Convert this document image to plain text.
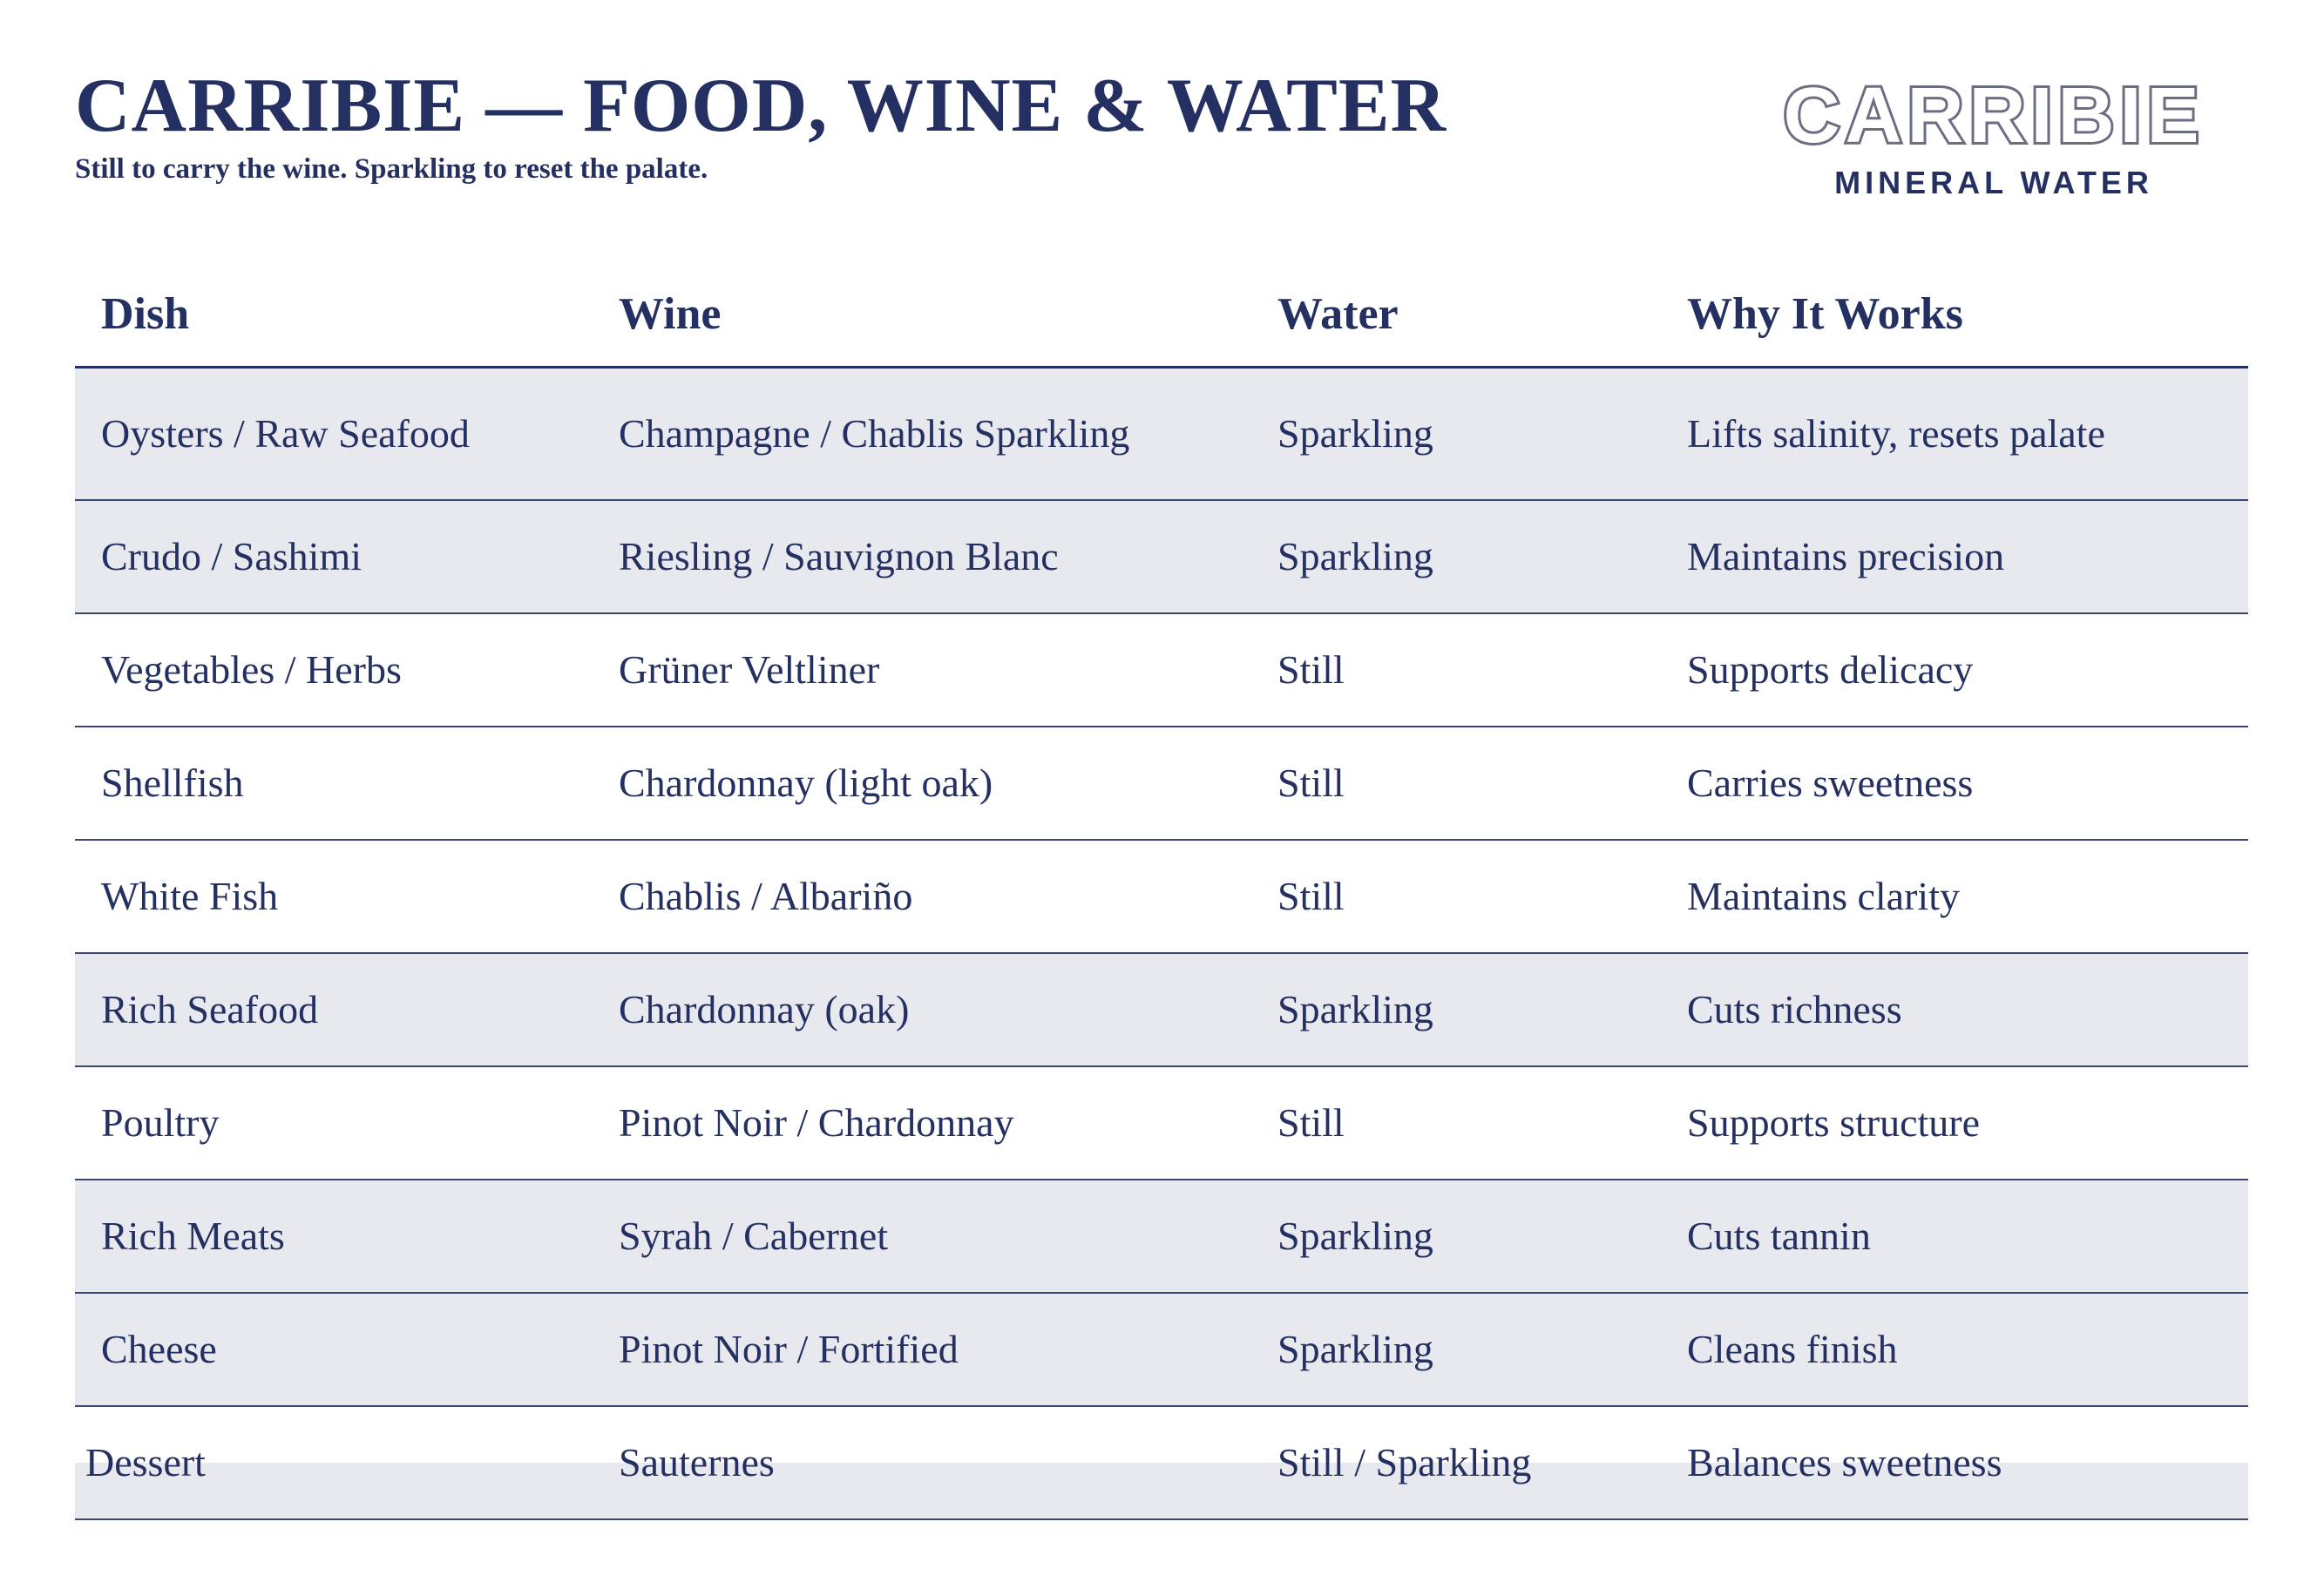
CARRIBIE — FOOD, WINE & WATER

Still to carry the wine. Sparkling to reset the palate.

CARRIBIE
MINERAL WATER
Dish	Wine	Water	Why It Works
Oysters / Raw Seafood	Champagne / Chablis Sparkling	Sparkling	Lifts salinity, resets palate
Crudo / Sashimi	Riesling / Sauvignon Blanc	Sparkling	Maintains precision
Vegetables / Herbs	Grüner Veltliner	Still	Supports delicacy
Shellfish	Chardonnay (light oak)	Still	Carries sweetness
White Fish	Chablis / Albariño	Still	Maintains clarity
Rich Seafood	Chardonnay (oak)	Sparkling	Cuts richness
Poultry	Pinot Noir / Chardonnay	Still	Supports structure
Rich Meats	Syrah / Cabernet	Sparkling	Cuts tannin
Cheese	Pinot Noir / Fortified	Sparkling	Cleans finish
Dessert	Sauternes	Still / Sparkling	Balances sweetness
